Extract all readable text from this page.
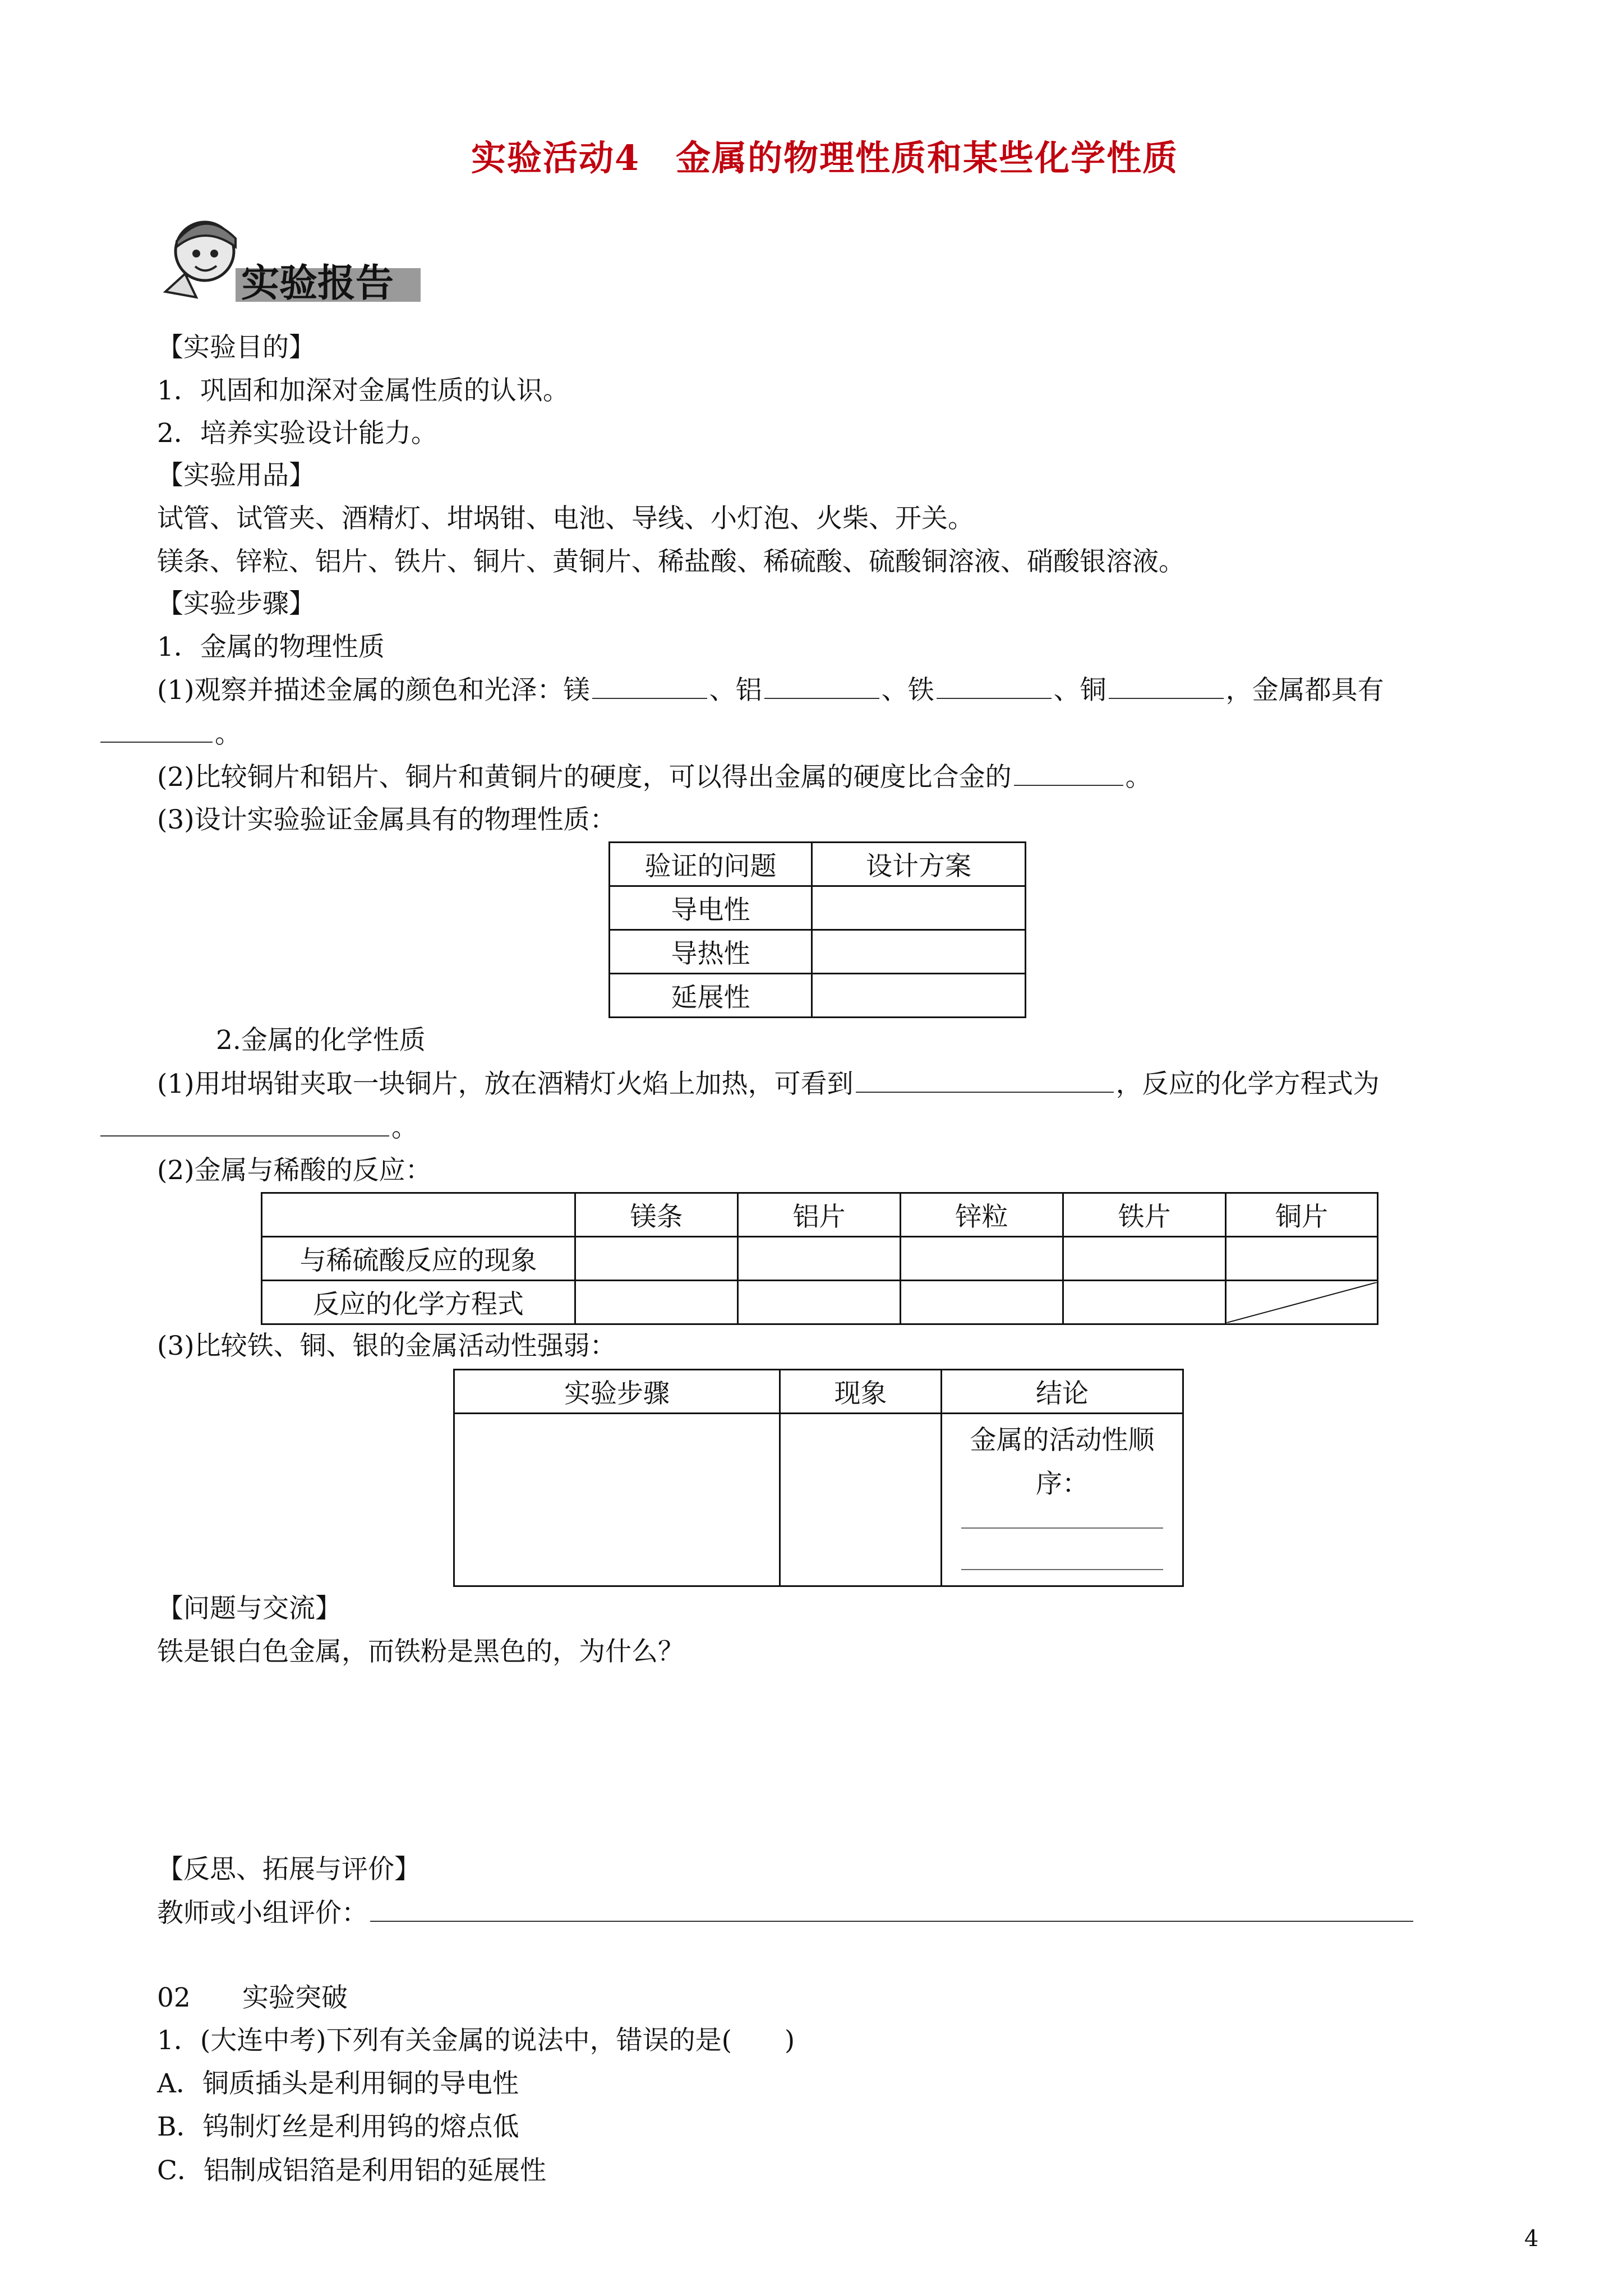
实验活动4　金属的物理性质和某些化学性质
实验报告
【实验目的】
1．巩固和加深对金属性质的认识。
2．培养实验设计能力。
【实验用品】
试管、试管夹、酒精灯、坩埚钳、电池、导线、小灯泡、火柴、开关。
镁条、锌粒、铝片、铁片、铜片、黄铜片、稀盐酸、稀硫酸、硫酸铜溶液、硝酸银溶液。
【实验步骤】
1．金属的物理性质
(1)观察并描述金属的颜色和光泽：镁	、铝	、铁	、铜	，金属都具有
。
(2)比较铜片和铝片、铜片和黄铜片的硬度，可以得出金属的硬度比合金的	。
(3)设计实验验证金属具有的物理性质：
验证的问题	设计方案
导电性	
导热性	
延展性	
2.金属的化学性质
(1)用坩埚钳夹取一块铜片，放在酒精灯火焰上加热，可看到	，反应的化学方程式为
。
(2)金属与稀酸的反应：
	镁条	铝片	锌粒	铁片	铜片
与稀硫酸反应的现象					
反应的化学方程式					
(3)比较铁、铜、银的金属活动性强弱：
实验步骤	现象	结论

		金属的活动性顺
序：
【问题与交流】
铁是银白色金属，而铁粉是黑色的，为什么？
【反思、拓展与评价】
教师或小组评价：
02 实验突破
1．(大连中考)下列有关金属的说法中，错误的是(　　)
A．铜质插头是利用铜的导电性
B．钨制灯丝是利用钨的熔点低
C．铝制成铝箔是利用铝的延展性
4
